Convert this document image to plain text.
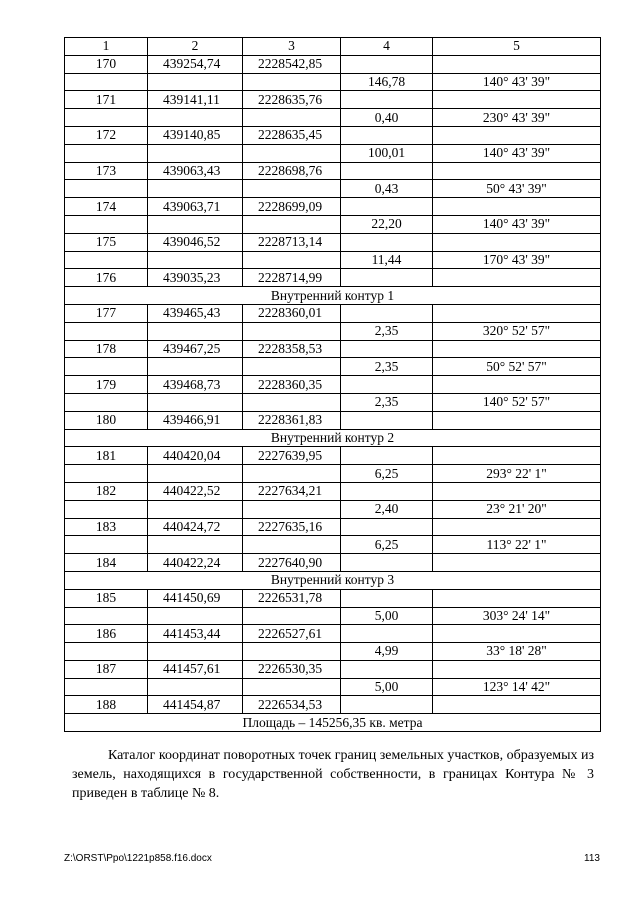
1	2	3	4	5
170	439254,74	2228542,85		
			146,78	140° 43' 39"
171	439141,11	2228635,76		
			0,40	230° 43' 39"
172	439140,85	2228635,45		
			100,01	140° 43' 39"
173	439063,43	2228698,76		
			0,43	50° 43' 39"
174	439063,71	2228699,09		
			22,20	140° 43' 39"
175	439046,52	2228713,14		
			11,44	170° 43' 39"
176	439035,23	2228714,99		
Внутренний контур 1				
177	439465,43	2228360,01		
			2,35	320° 52' 57"
178	439467,25	2228358,53		
			2,35	50° 52' 57"
179	439468,73	2228360,35		
			2,35	140° 52' 57"
180	439466,91	2228361,83		
Внутренний контур 2				
181	440420,04	2227639,95		
			6,25	293° 22' 1"
182	440422,52	2227634,21		
			2,40	23° 21' 20"
183	440424,72	2227635,16		
			6,25	113° 22' 1"
184	440422,24	2227640,90		
Внутренний контур 3				
185	441450,69	2226531,78		
			5,00	303° 24' 14"
186	441453,44	2226527,61		
			4,99	33° 18' 28"
187	441457,61	2226530,35		
			5,00	123° 14' 42"
188	441454,87	2226534,53		
Площадь – 145256,35 кв. метра				

Каталог координат поворотных точек границ земельных участков, образуемых из земель, находящихся в государственной собственности, в границах Контура № 3 приведен в таблице № 8.

Z:\ORST\Ppo\1221p858.f16.docx	113
